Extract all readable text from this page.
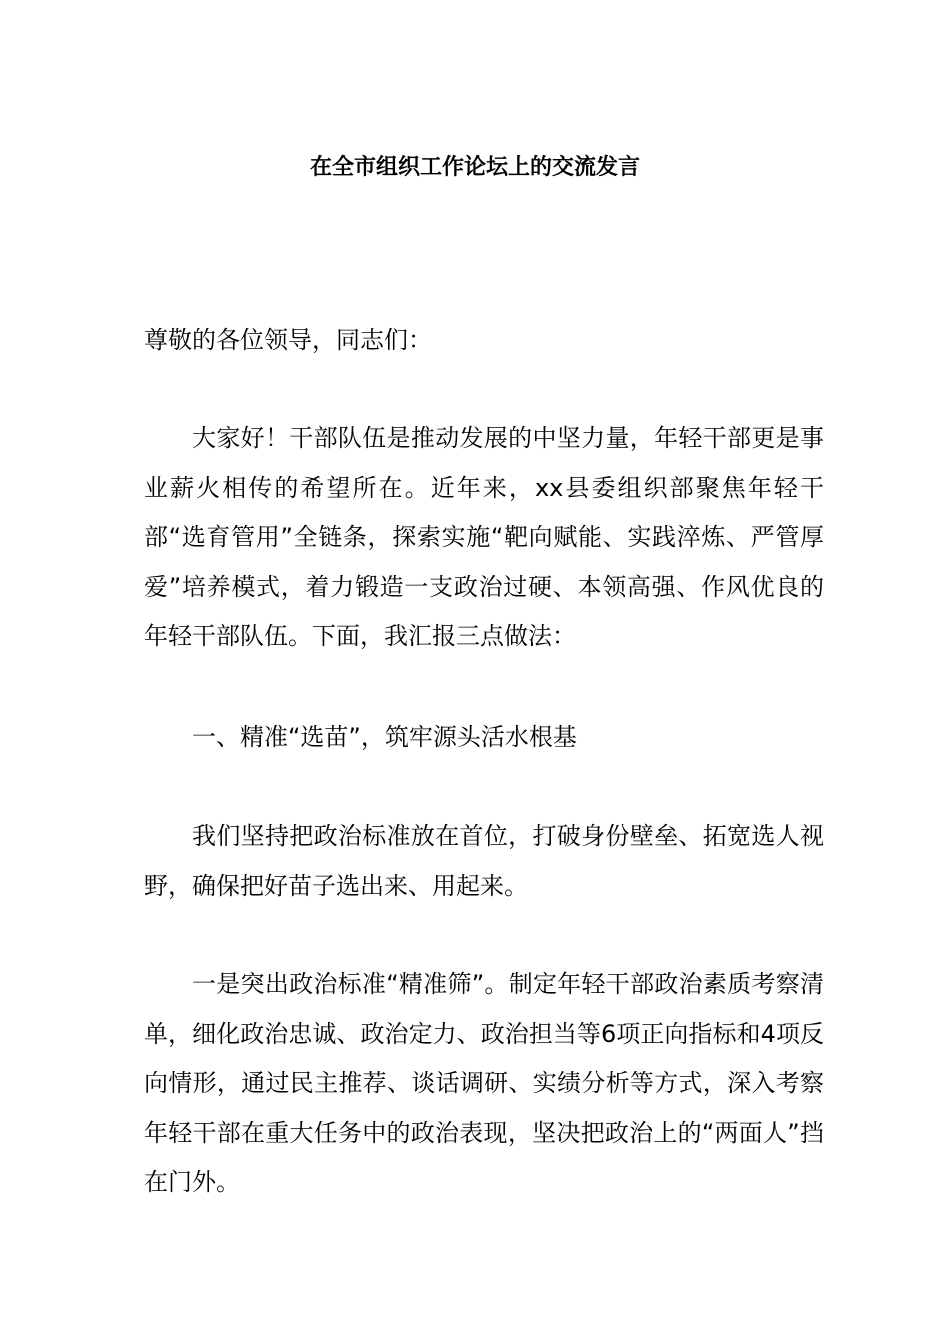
在全市组织工作论坛上的交流发言

尊敬的各位领导，同志们：

大家好！干部队伍是推动发展的中坚力量，年轻干部更是事业薪火相传的希望所在。近年来，xx县委组织部聚焦年轻干部“选育管用”全链条，探索实施“靶向赋能、实践淬炼、严管厚爱”培养模式，着力锻造一支政治过硬、本领高强、作风优良的年轻干部队伍。下面，我汇报三点做法：

一、精准“选苗”，筑牢源头活水根基

我们坚持把政治标准放在首位，打破身份壁垒、拓宽选人视野，确保把好苗子选出来、用起来。

一是突出政治标准“精准筛”。制定年轻干部政治素质考察清单，细化政治忠诚、政治定力、政治担当等6项正向指标和4项反向情形，通过民主推荐、谈话调研、实绩分析等方式，深入考察年轻干部在重大任务中的政治表现，坚决把政治上的“两面人”挡在门外。
